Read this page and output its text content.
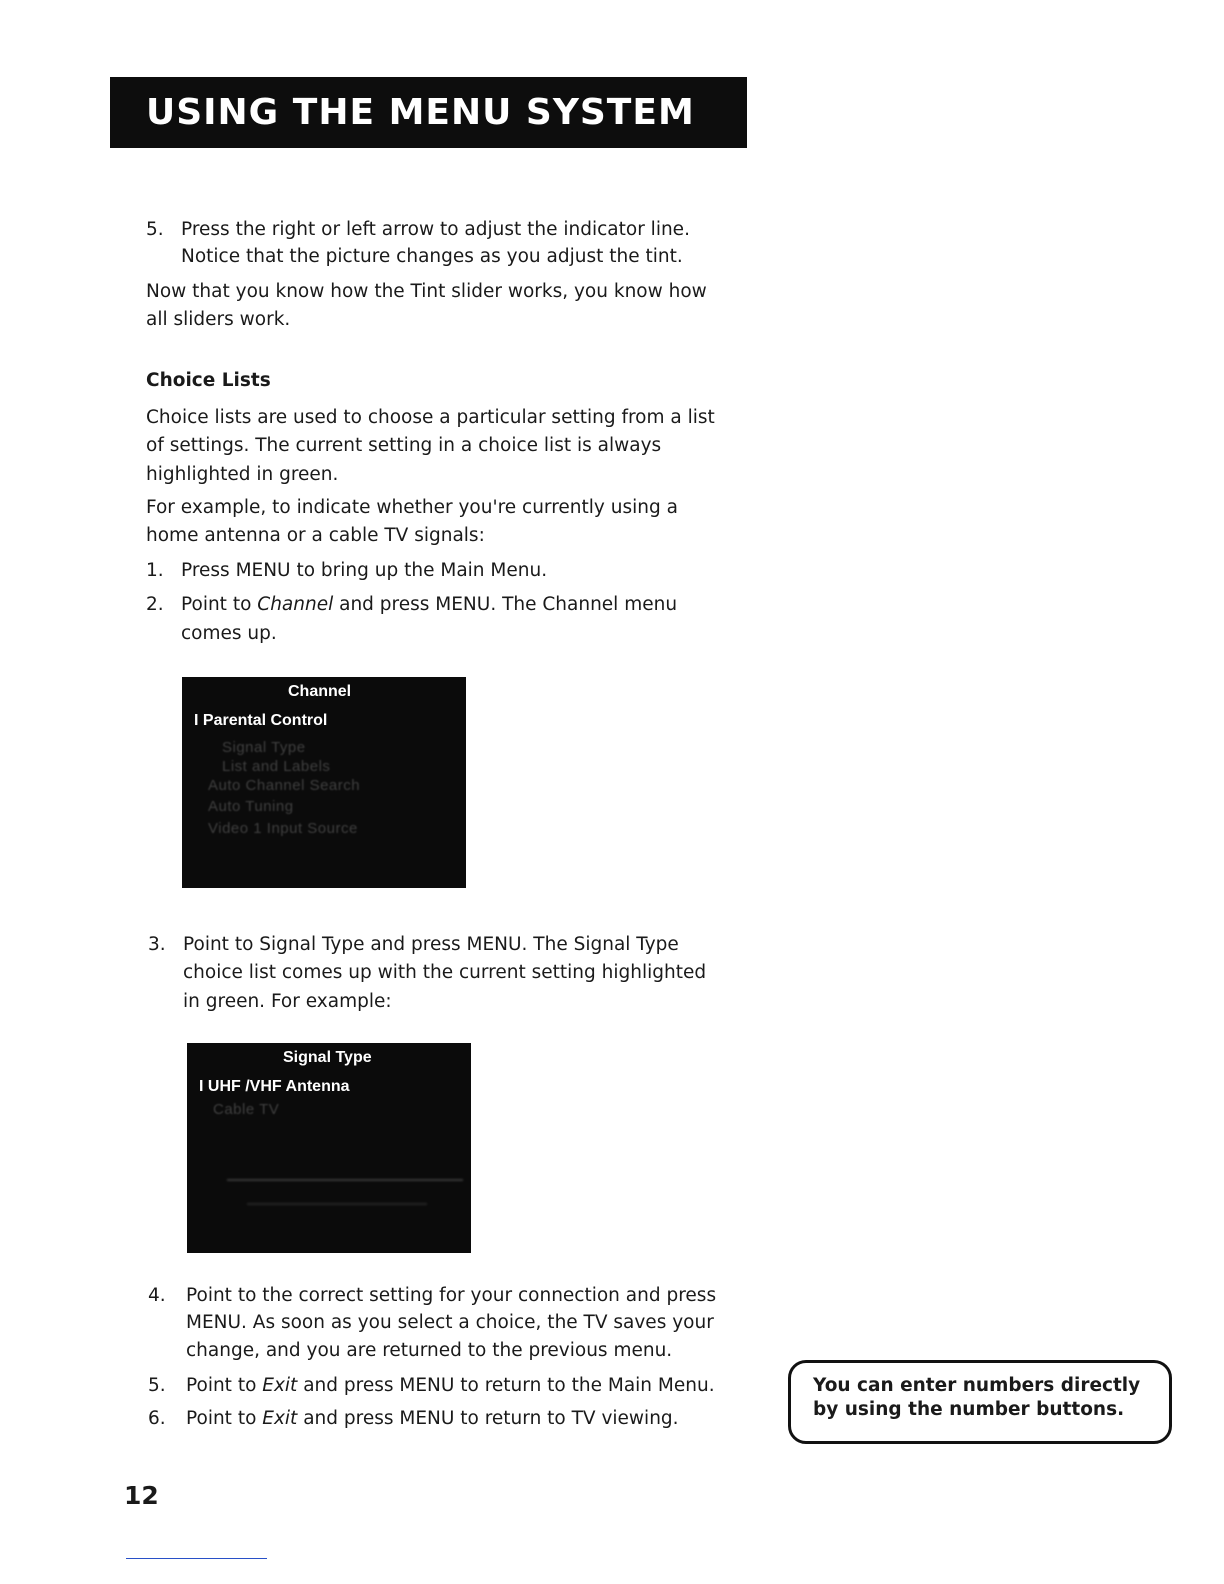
USING THE MENU SYSTEM
5. Press the right or left arrow to adjust the indicator line.
Notice that the picture changes as you adjust the tint.
Now that you know how the Tint slider works, you know how
all sliders work.
Choice Lists
Choice lists are used to choose a particular setting from a list
of settings. The current setting in a choice list is always
highlighted in green.
For example, to indicate whether you're currently using a
home antenna or a cable TV signals:
1. Press MENU to bring up the Main Menu.
2. Point to Channel and press MENU. The Channel menu
comes up.
Channel
I Parental Control
Signal Type
List and Labels
Auto Channel Search
Auto Tuning
Video 1 Input Source
3. Point to Signal Type and press MENU. The Signal Type
choice list comes up with the current setting highlighted
in green. For example:
Signal Type
I UHF /VHF Antenna
Cable TV
4. Point to the correct setting for your connection and press
MENU. As soon as you select a choice, the TV saves your
change, and you are returned to the previous menu.
5. Point to Exit and press MENU to return to the Main Menu.
6. Point to Exit and press MENU to return to TV viewing.
You can enter numbers directly
by using the number buttons.
12
